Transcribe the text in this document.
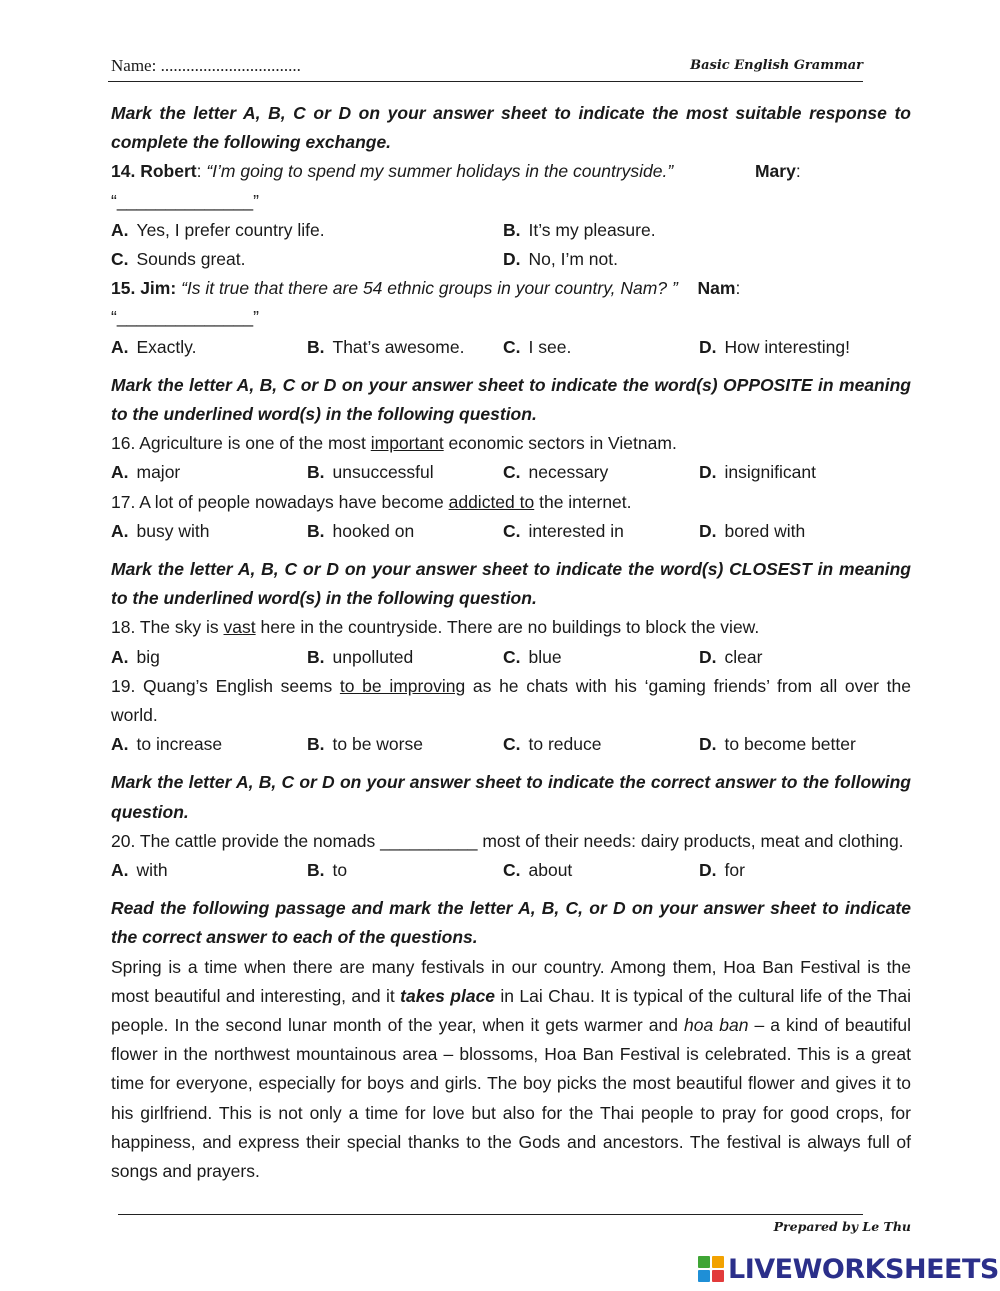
Name: .................................	Basic English Grammar
Mark the letter A, B, C or D on your answer sheet to indicate the most suitable response to complete the following exchange.
14. Robert: “I’m going to spend my summer holidays in the countryside.”	Mary:
“______________”
A. Yes, I prefer country life.	B. It’s my pleasure.
C. Sounds great.	D. No, I’m not.
15. Jim: “Is it true that there are 54 ethnic groups in your country, Nam? ” Nam:
“______________”
A. Exactly.	B. That’s awesome.	C. I see.	D. How interesting!
Mark the letter A, B, C or D on your answer sheet to indicate the word(s) OPPOSITE in meaning to the underlined word(s) in the following question.
16. Agriculture is one of the most important economic sectors in Vietnam.
A. major	B. unsuccessful	C. necessary	D. insignificant
17. A lot of people nowadays have become addicted to the internet.
A. busy with	B. hooked on	C. interested in	D. bored with
Mark the letter A, B, C or D on your answer sheet to indicate the word(s) CLOSEST in meaning to the underlined word(s) in the following question.
18. The sky is vast here in the countryside. There are no buildings to block the view.
A. big	B. unpolluted	C. blue	D. clear
19. Quang’s English seems to be improving as he chats with his ‘gaming friends’ from all over the world.
A. to increase	B. to be worse	C. to reduce	D. to become better
Mark the letter A, B, C or D on your answer sheet to indicate the correct answer to the following question.
20. The cattle provide the nomads __________ most of their needs: dairy products, meat and clothing.
A. with	B. to	C. about	D. for
Read the following passage and mark the letter A, B, C, or D on your answer sheet to indicate the correct answer to each of the questions.
Spring is a time when there are many festivals in our country. Among them, Hoa Ban Festival is the most beautiful and interesting, and it takes place in Lai Chau. It is typical of the cultural life of the Thai people. In the second lunar month of the year, when it gets warmer and hoa ban – a kind of beautiful flower in the northwest mountainous area – blossoms, Hoa Ban Festival is celebrated. This is a great time for everyone, especially for boys and girls. The boy picks the most beautiful flower and gives it to his girlfriend. This is not only a time for love but also for the Thai people to pray for good crops, for happiness, and express their special thanks to the Gods and ancestors. The festival is always full of songs and prayers.
Prepared by Le Thu
LIVEWORKSHEETS
